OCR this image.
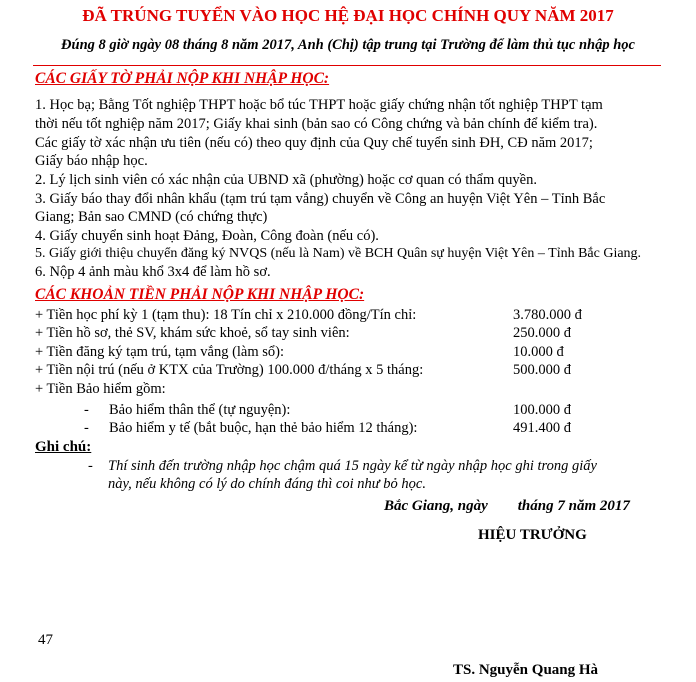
ĐÃ TRÚNG TUYỂN VÀO HỌC HỆ ĐẠI HỌC CHÍNH QUY NĂM 2017
Đúng 8 giờ ngày 08 tháng 8 năm 2017, Anh (Chị) tập trung tại Trường để làm thủ tục nhập học
CÁC GIẤY TỜ PHẢI NỘP KHI NHẬP HỌC:
1. Học bạ; Bằng Tốt nghiệp THPT hoặc bổ túc THPT hoặc giấy chứng nhận tốt nghiệp THPT tạm
thời nếu tốt nghiệp năm 2017; Giấy khai sinh (bản sao có Công chứng và bản chính để kiểm tra).
Các giấy tờ xác nhận ưu tiên (nếu có) theo quy định của Quy chế tuyển sinh ĐH, CĐ năm 2017;
Giấy báo nhập học.
2. Lý lịch sinh viên có xác nhận của UBND xã (phường) hoặc cơ quan có thẩm quyền.
3. Giấy báo thay đổi nhân khẩu (tạm trú tạm vắng) chuyển về Công an huyện Việt Yên – Tỉnh Bắc
Giang; Bản sao CMND (có chứng thực)
4. Giấy chuyển sinh hoạt Đảng, Đoàn, Công đoàn (nếu có).
5. Giấy giới thiệu chuyển đăng ký NVQS (nếu là Nam) về BCH Quân sự huyện Việt Yên – Tỉnh Bắc Giang.
6. Nộp 4 ảnh màu khổ 3x4 để làm hồ sơ.
CÁC KHOẢN TIỀN PHẢI NỘP KHI NHẬP HỌC:
+ Tiền học phí kỳ 1 (tạm thu): 18 Tín chỉ x 210.000 đồng/Tín chỉ:	3.780.000 đ
+ Tiền hồ sơ, thẻ SV, khám sức khoẻ, sổ tay sinh viên:	250.000 đ
+ Tiền đăng ký tạm trú, tạm vắng (làm sổ):	10.000 đ
+ Tiền nội trú (nếu ở KTX của Trường) 100.000 đ/tháng x 5 tháng:	500.000 đ
+ Tiền Bảo hiểm gồm:
- Bảo hiểm thân thể (tự nguyện):	100.000 đ
- Bảo hiểm y tế (bắt buộc, hạn thẻ bảo hiểm 12 tháng):	491.400 đ
Ghi chú:
- Thí sinh đến trường nhập học chậm quá 15 ngày kể từ ngày nhập học ghi trong giấy
này, nếu không có lý do chính đáng thì coi như bỏ học.
Bắc Giang, ngày        tháng 7 năm 2017
HIỆU TRƯỞNG
47
TS. Nguyễn Quang Hà
